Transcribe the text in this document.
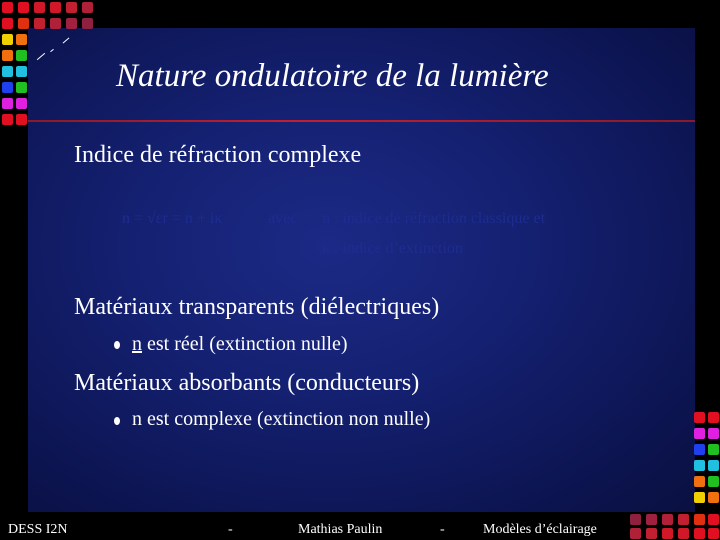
Nature ondulatoire de la lumière
Indice de réfraction complexe
n = √εr = n + iκ	avec n : indice de réfraction classique et
κ : indice d’extinction
Matériaux transparents (diélectriques)
n est réel (extinction nulle)
Matériaux absorbants (conducteurs)
n est complexe (extinction non nulle)
DESS I2N	-	Mathias Paulin	-	Modèles d’éclairage
